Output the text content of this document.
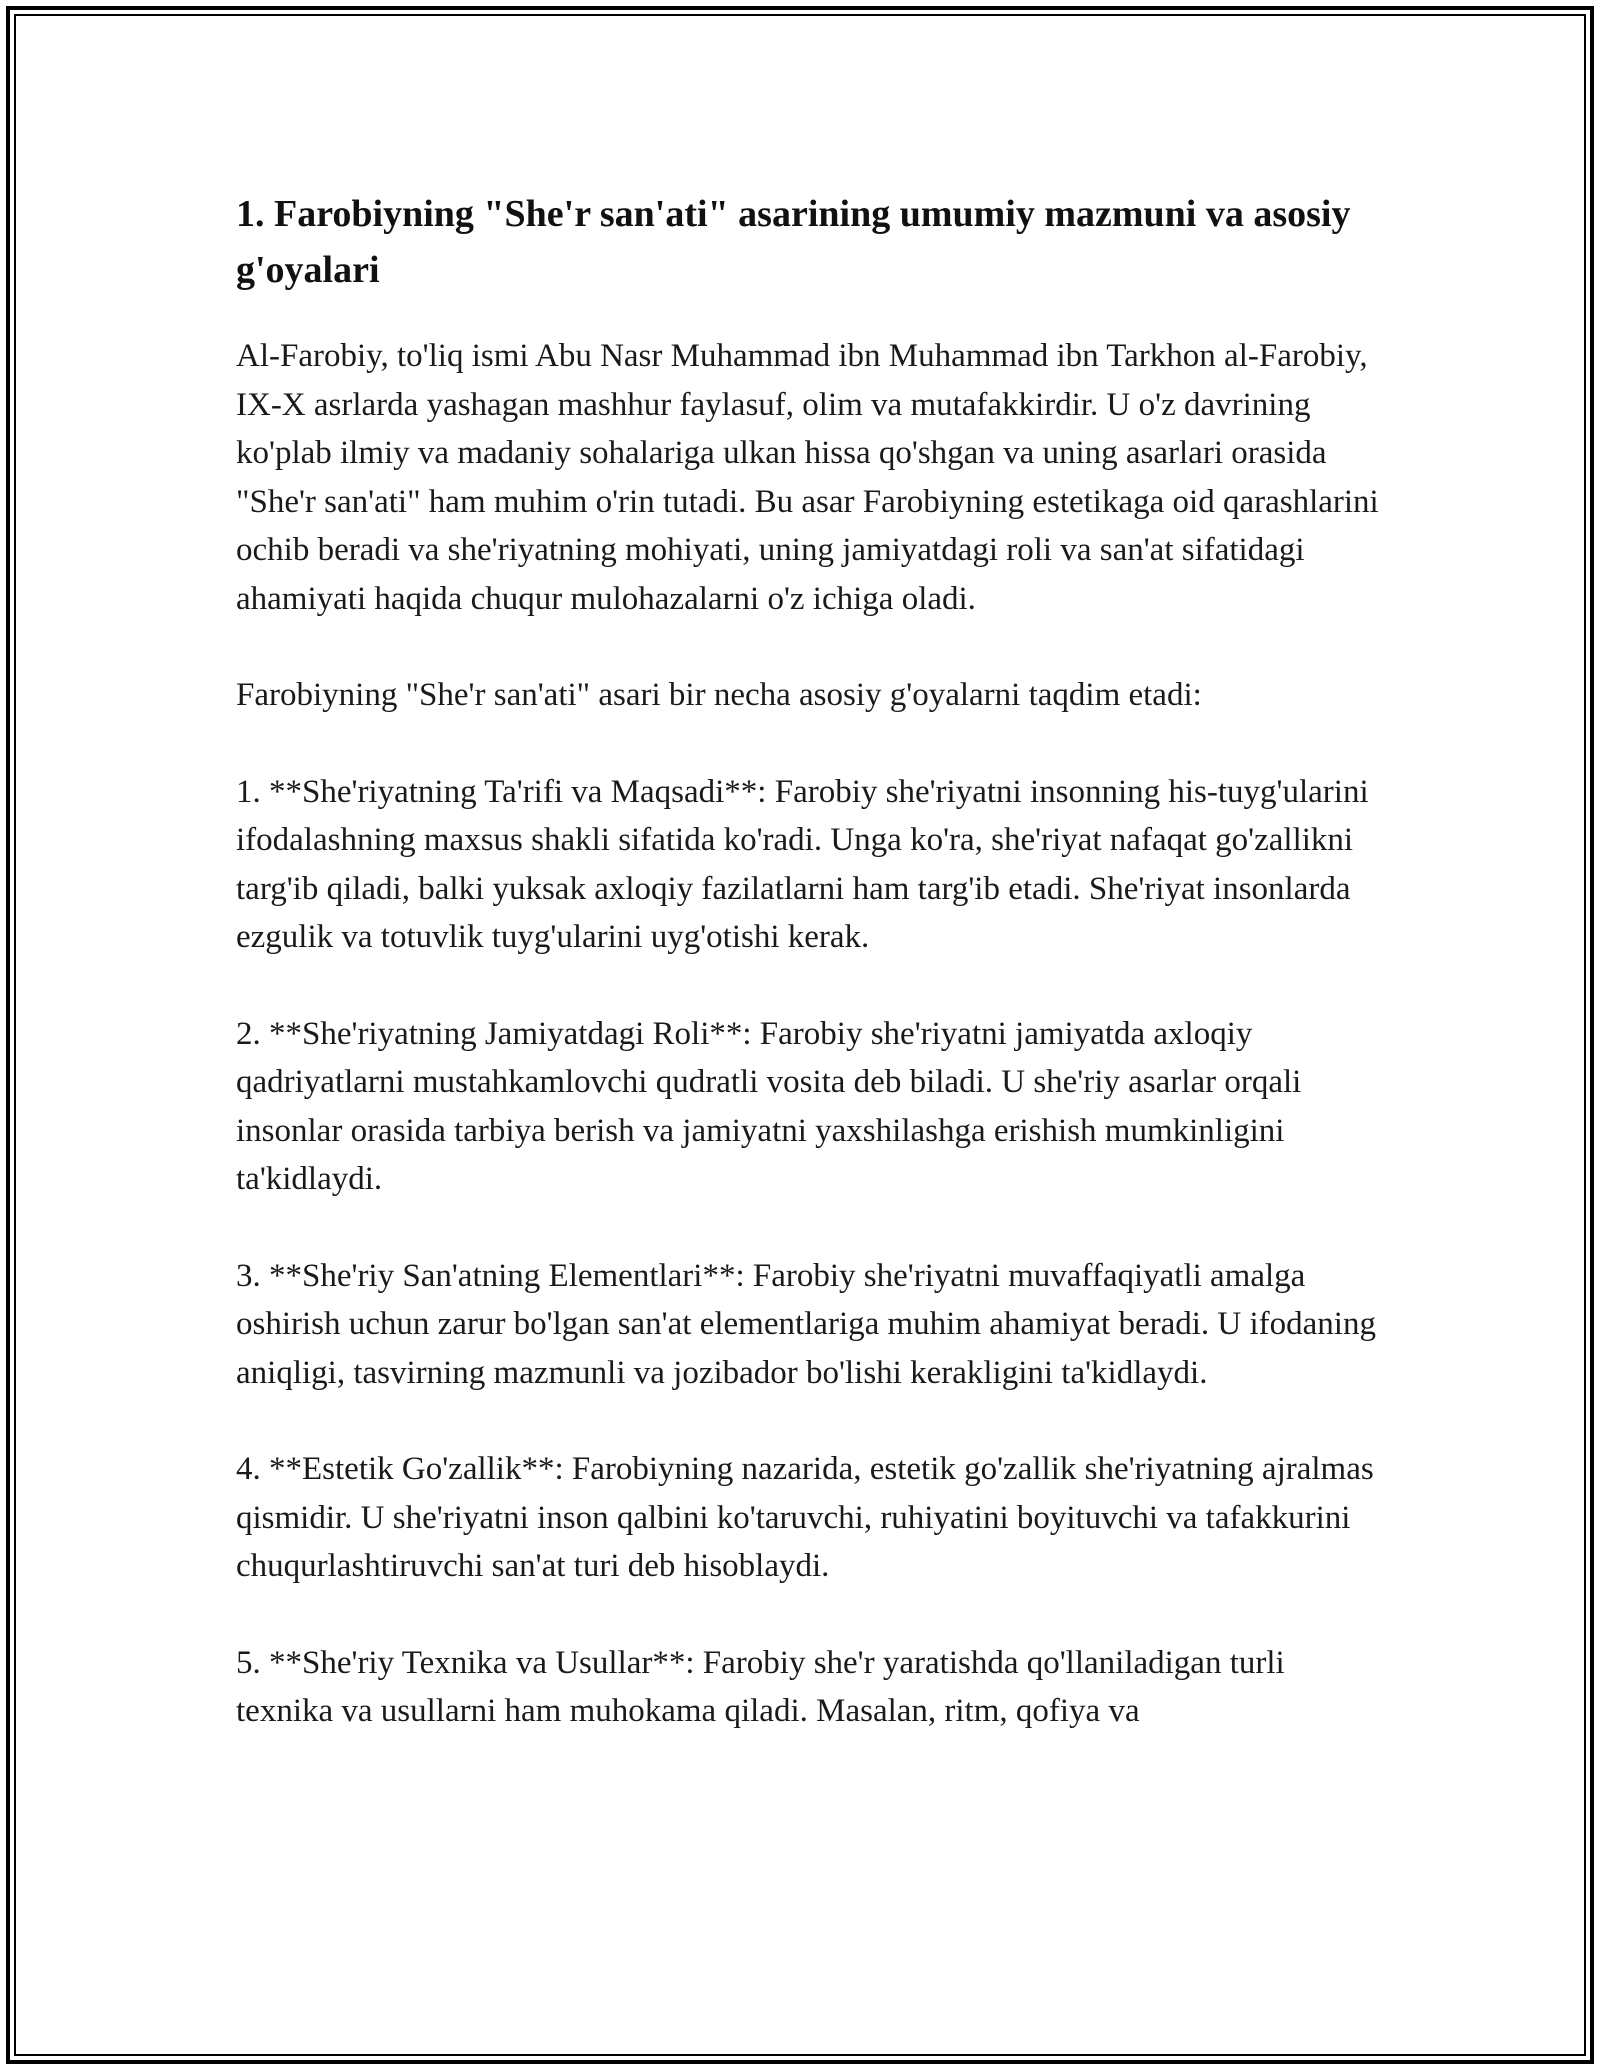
1. Farobiyning "She'r san'ati" asarining umumiy mazmuni va asosiy g'oyalari

Al-Farobiy, to'liq ismi Abu Nasr Muhammad ibn Muhammad ibn Tarkhon al-Farobiy, IX-X asrlarda yashagan mashhur faylasuf, olim va mutafakkirdir. U o'z davrining ko'plab ilmiy va madaniy sohalariga ulkan hissa qo'shgan va uning asarlari orasida "She'r san'ati" ham muhim o'rin tutadi. Bu asar Farobiyning estetikaga oid qarashlarini ochib beradi va she'riyatning mohiyati, uning jamiyatdagi roli va san'at sifatidagi ahamiyati haqida chuqur mulohazalarni o'z ichiga oladi.

Farobiyning "She'r san'ati" asari bir necha asosiy g'oyalarni taqdim etadi:

1. **She'riyatning Ta'rifi va Maqsadi**: Farobiy she'riyatni insonning his-tuyg'ularini ifodalashning maxsus shakli sifatida ko'radi. Unga ko'ra, she'riyat nafaqat go'zallikni targ'ib qiladi, balki yuksak axloqiy fazilatlarni ham targ'ib etadi. She'riyat insonlarda ezgulik va totuvlik tuyg'ularini uyg'otishi kerak.

2. **She'riyatning Jamiyatdagi Roli**: Farobiy she'riyatni jamiyatda axloqiy qadriyatlarni mustahkamlovchi qudratli vosita deb biladi. U she'riy asarlar orqali insonlar orasida tarbiya berish va jamiyatni yaxshilashga erishish mumkinligini ta'kidlaydi.

3. **She'riy San'atning Elementlari**: Farobiy she'riyatni muvaffaqiyatli amalga oshirish uchun zarur bo'lgan san'at elementlariga muhim ahamiyat beradi. U ifodaning aniqligi, tasvirning mazmunli va jozibador bo'lishi kerakligini ta'kidlaydi.

4. **Estetik Go'zallik**: Farobiyning nazarida, estetik go'zallik she'riyatning ajralmas qismidir. U she'riyatni inson qalbini ko'taruvchi, ruhiyatini boyituvchi va tafakkurini chuqurlashtiruvchi san'at turi deb hisoblaydi.

5. **She'riy Texnika va Usullar**: Farobiy she'r yaratishda qo'llaniladigan turli texnika va usullarni ham muhokama qiladi. Masalan, ritm, qofiya va
